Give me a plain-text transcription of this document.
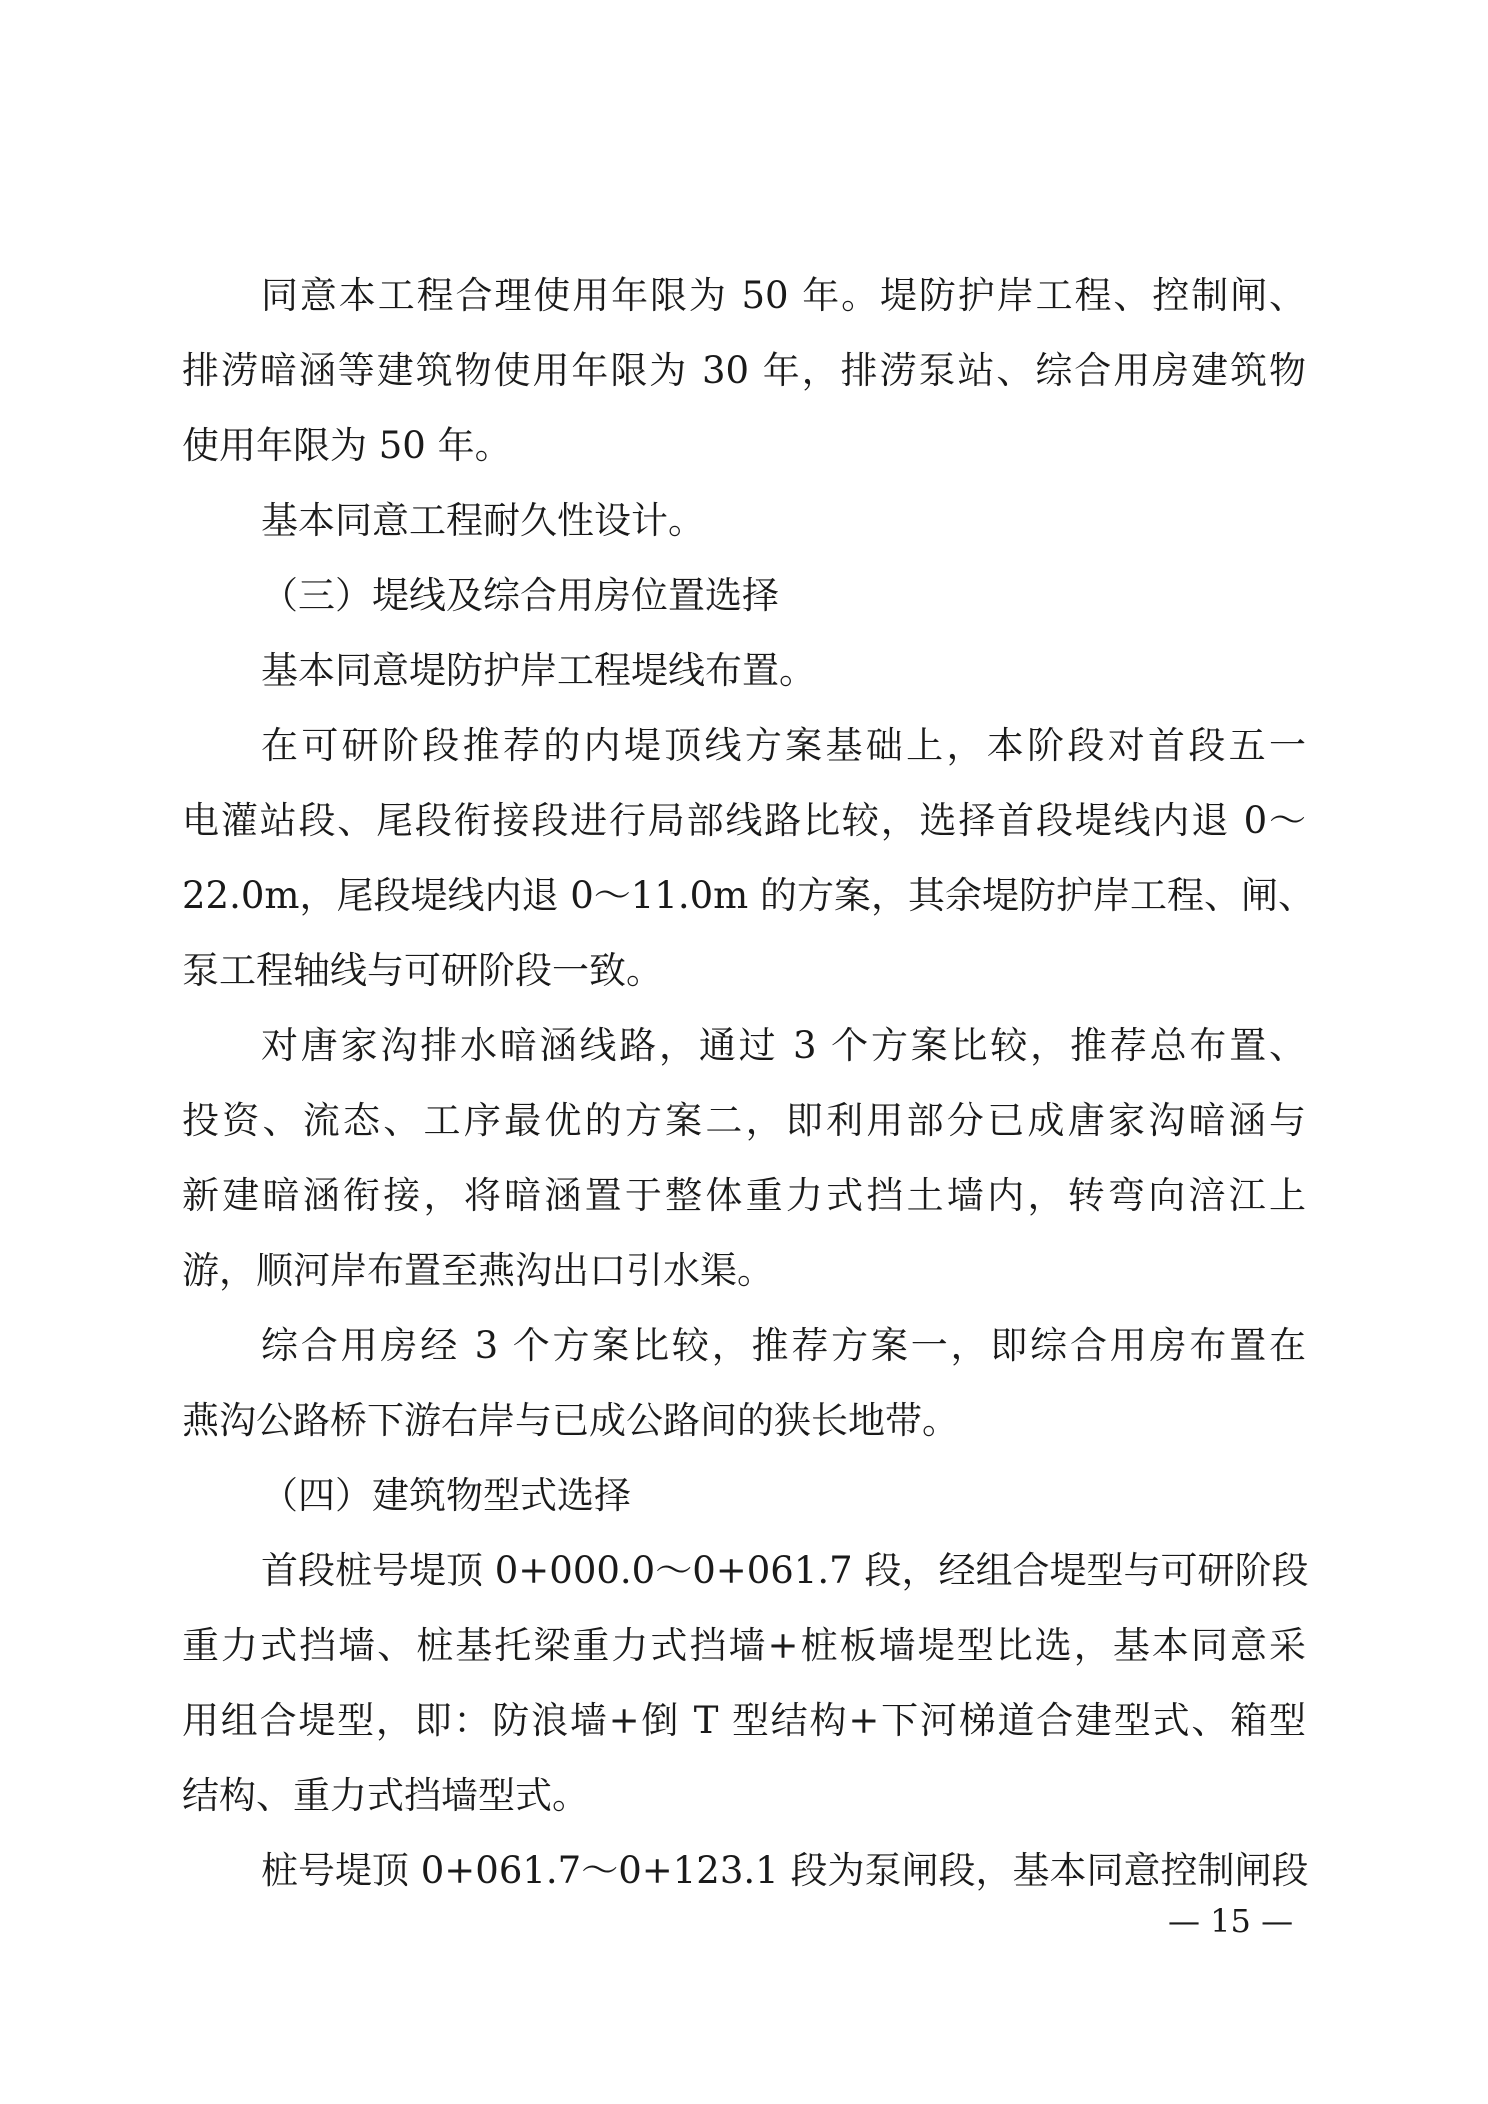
同意本工程合理使用年限为 50 年。堤防护岸工程、控制闸、
排涝暗涵等建筑物使用年限为 30 年，排涝泵站、综合用房建筑物
使用年限为 50 年。
基本同意工程耐久性设计。
（三）堤线及综合用房位置选择
基本同意堤防护岸工程堤线布置。
在可研阶段推荐的内堤顶线方案基础上，本阶段对首段五一
电灌站段、尾段衔接段进行局部线路比较，选择首段堤线内退 0～
22.0m，尾段堤线内退 0～11.0m 的方案，其余堤防护岸工程、闸、
泵工程轴线与可研阶段一致。
对唐家沟排水暗涵线路，通过 3 个方案比较，推荐总布置、
投资、流态、工序最优的方案二，即利用部分已成唐家沟暗涵与
新建暗涵衔接，将暗涵置于整体重力式挡土墙内，转弯向涪江上
游，顺河岸布置至燕沟出口引水渠。
综合用房经 3 个方案比较，推荐方案一，即综合用房布置在
燕沟公路桥下游右岸与已成公路间的狭长地带。
（四）建筑物型式选择
首段桩号堤顶 0+000.0～0+061.7 段，经组合堤型与可研阶段
重力式挡墙、桩基托梁重力式挡墙+桩板墙堤型比选，基本同意采
用组合堤型，即：防浪墙+倒 T 型结构+下河梯道合建型式、箱型
结构、重力式挡墙型式。
桩号堤顶 0+061.7～0+123.1 段为泵闸段，基本同意控制闸段
— 15 —
